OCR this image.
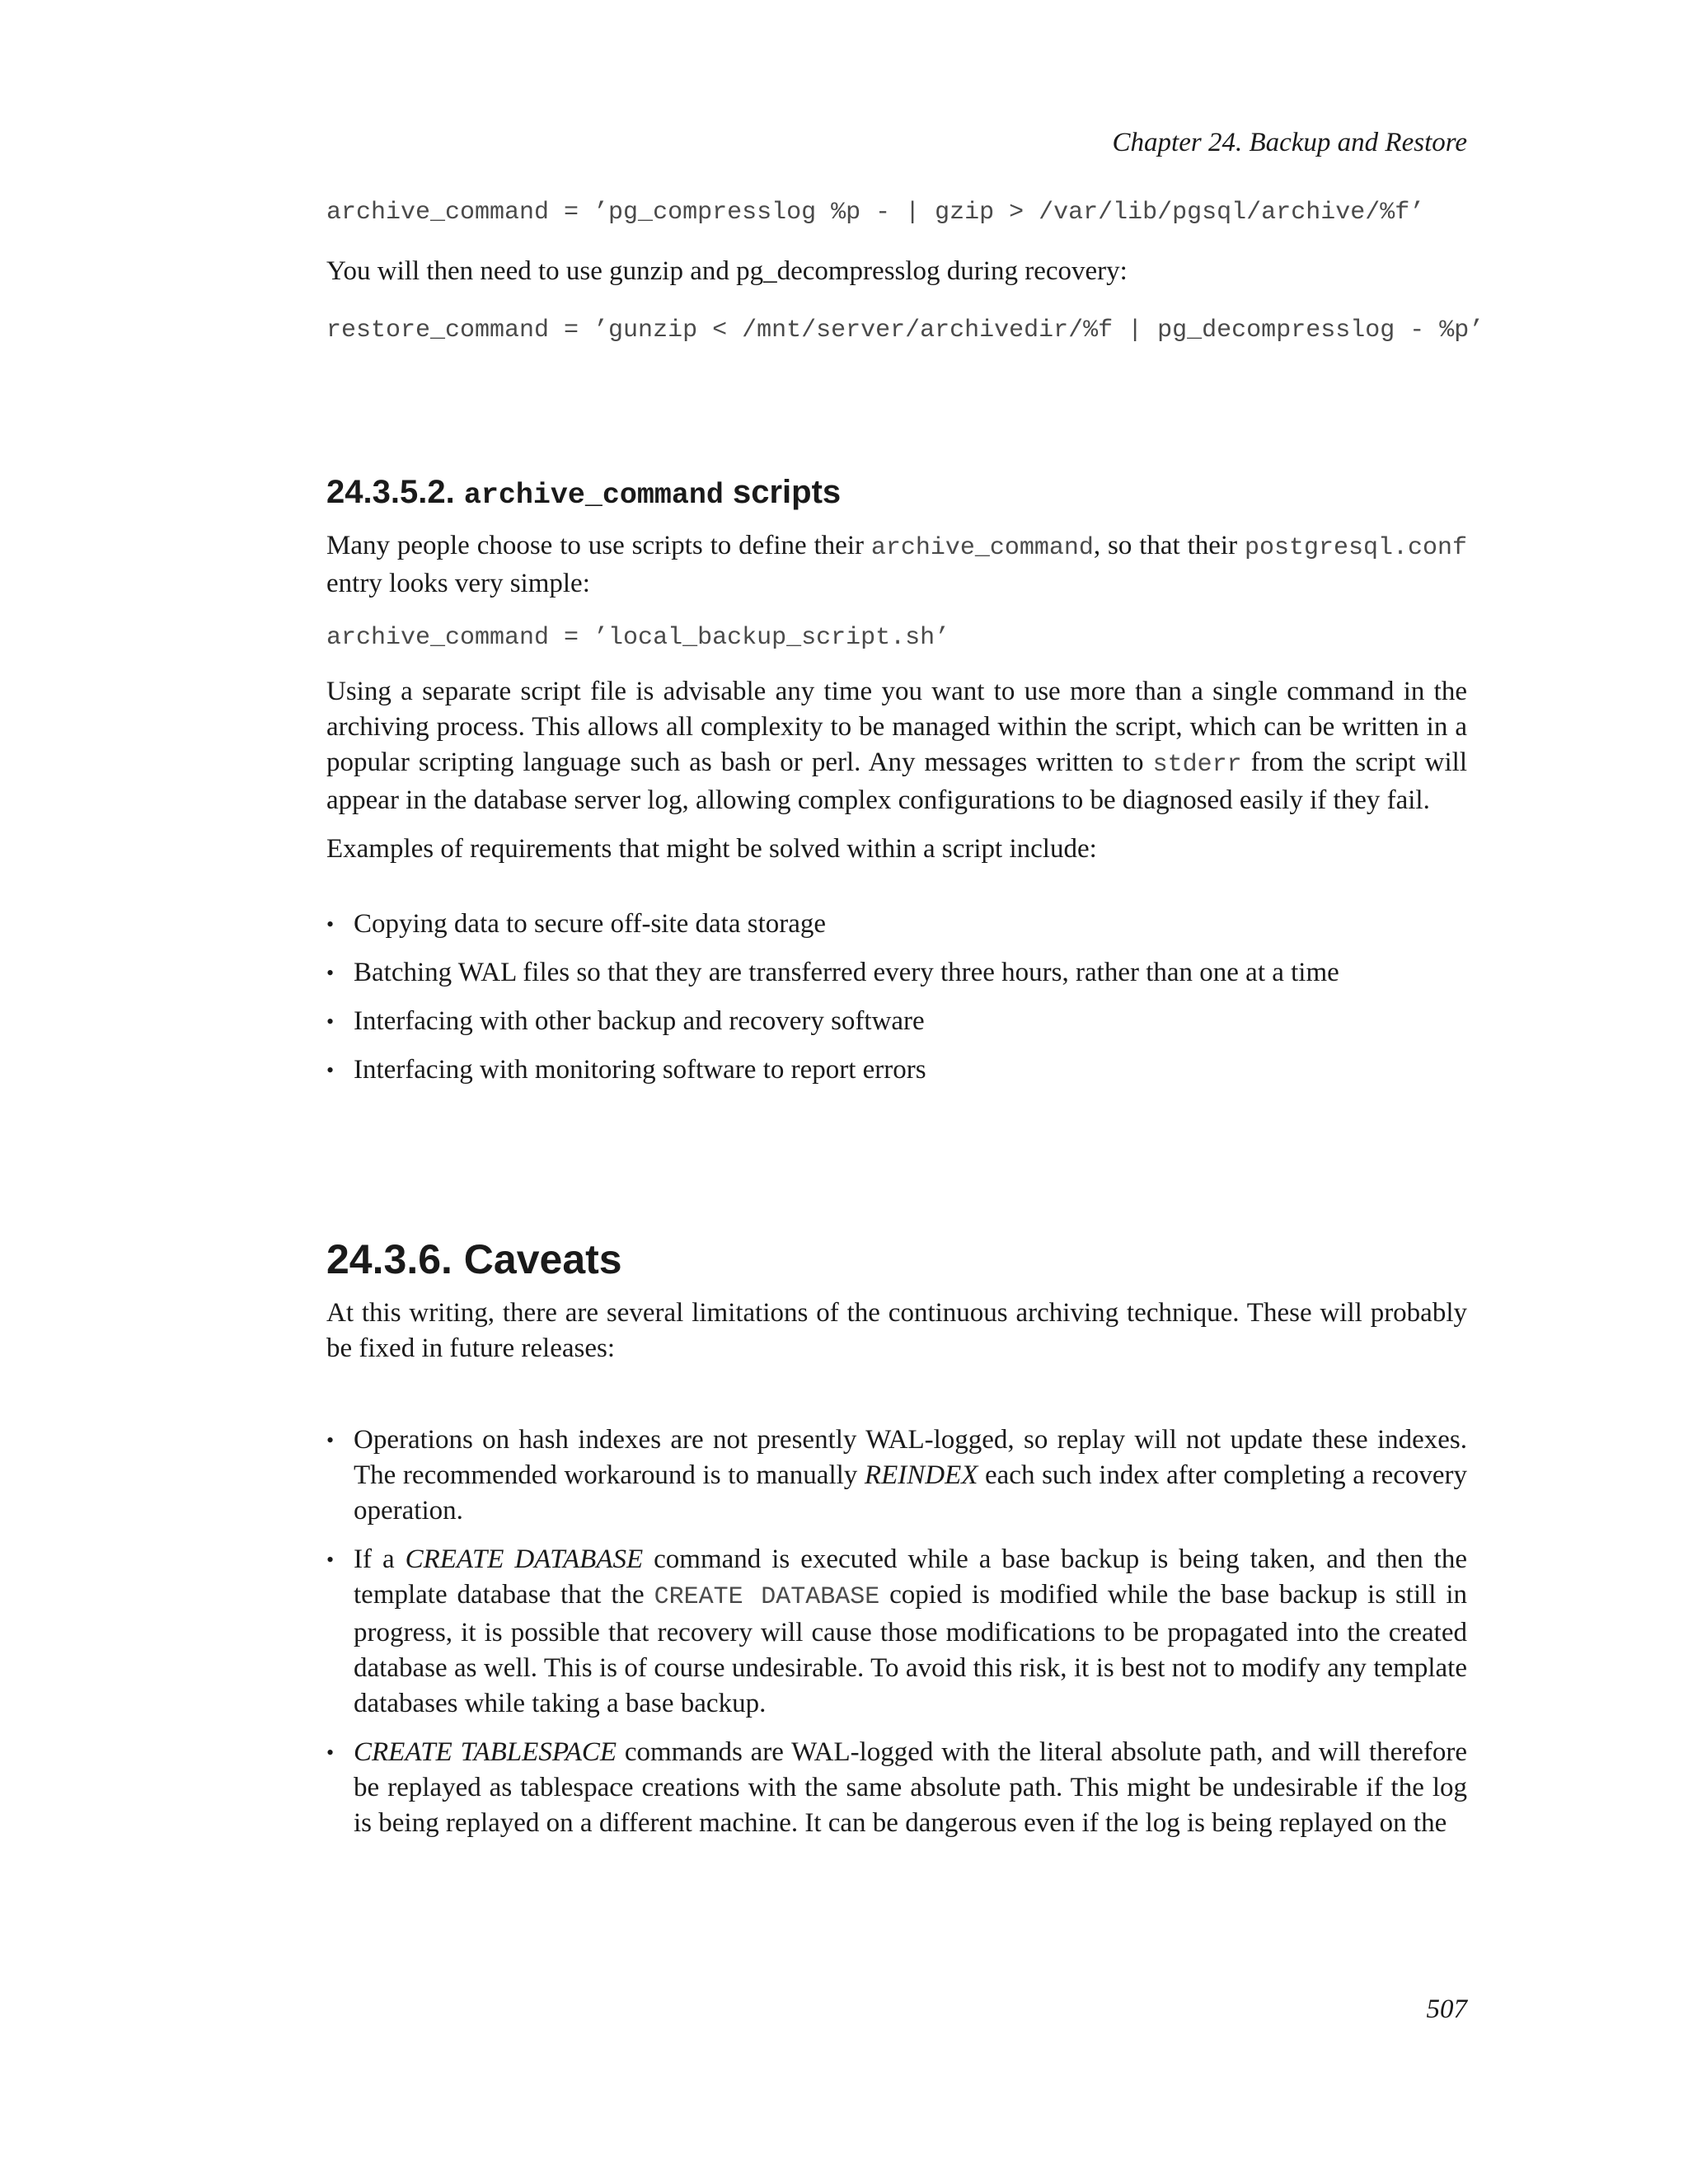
Chapter 24. Backup and Restore
archive_command = ’pg_compresslog %p - | gzip > /var/lib/pgsql/archive/%f’

You will then need to use gunzip and pg_decompresslog during recovery:

restore_command = ’gunzip < /mnt/server/archivedir/%f | pg_decompresslog - %p’
24.3.5.2. archive_command scripts

Many people choose to use scripts to define their archive_command, so that their postgresql.conf entry looks very simple:

archive_command = ’local_backup_script.sh’

Using a separate script file is advisable any time you want to use more than a single command in the archiving process. This allows all complexity to be managed within the script, which can be written in a popular scripting language such as bash or perl. Any messages written to stderr from the script will appear in the database server log, allowing complex configurations to be diagnosed easily if they fail.

Examples of requirements that might be solved within a script include:

• Copying data to secure off-site data storage
• Batching WAL files so that they are transferred every three hours, rather than one at a time
• Interfacing with other backup and recovery software
• Interfacing with monitoring software to report errors
24.3.6. Caveats

At this writing, there are several limitations of the continuous archiving technique. These will probably be fixed in future releases:

• Operations on hash indexes are not presently WAL-logged, so replay will not update these indexes. The recommended workaround is to manually REINDEX each such index after completing a recovery operation.
• If a CREATE DATABASE command is executed while a base backup is being taken, and then the template database that the CREATE DATABASE copied is modified while the base backup is still in progress, it is possible that recovery will cause those modifications to be propagated into the created database as well. This is of course undesirable. To avoid this risk, it is best not to modify any template databases while taking a base backup.
• CREATE TABLESPACE commands are WAL-logged with the literal absolute path, and will therefore be replayed as tablespace creations with the same absolute path. This might be undesirable if the log is being replayed on a different machine. It can be dangerous even if the log is being replayed on the
507
